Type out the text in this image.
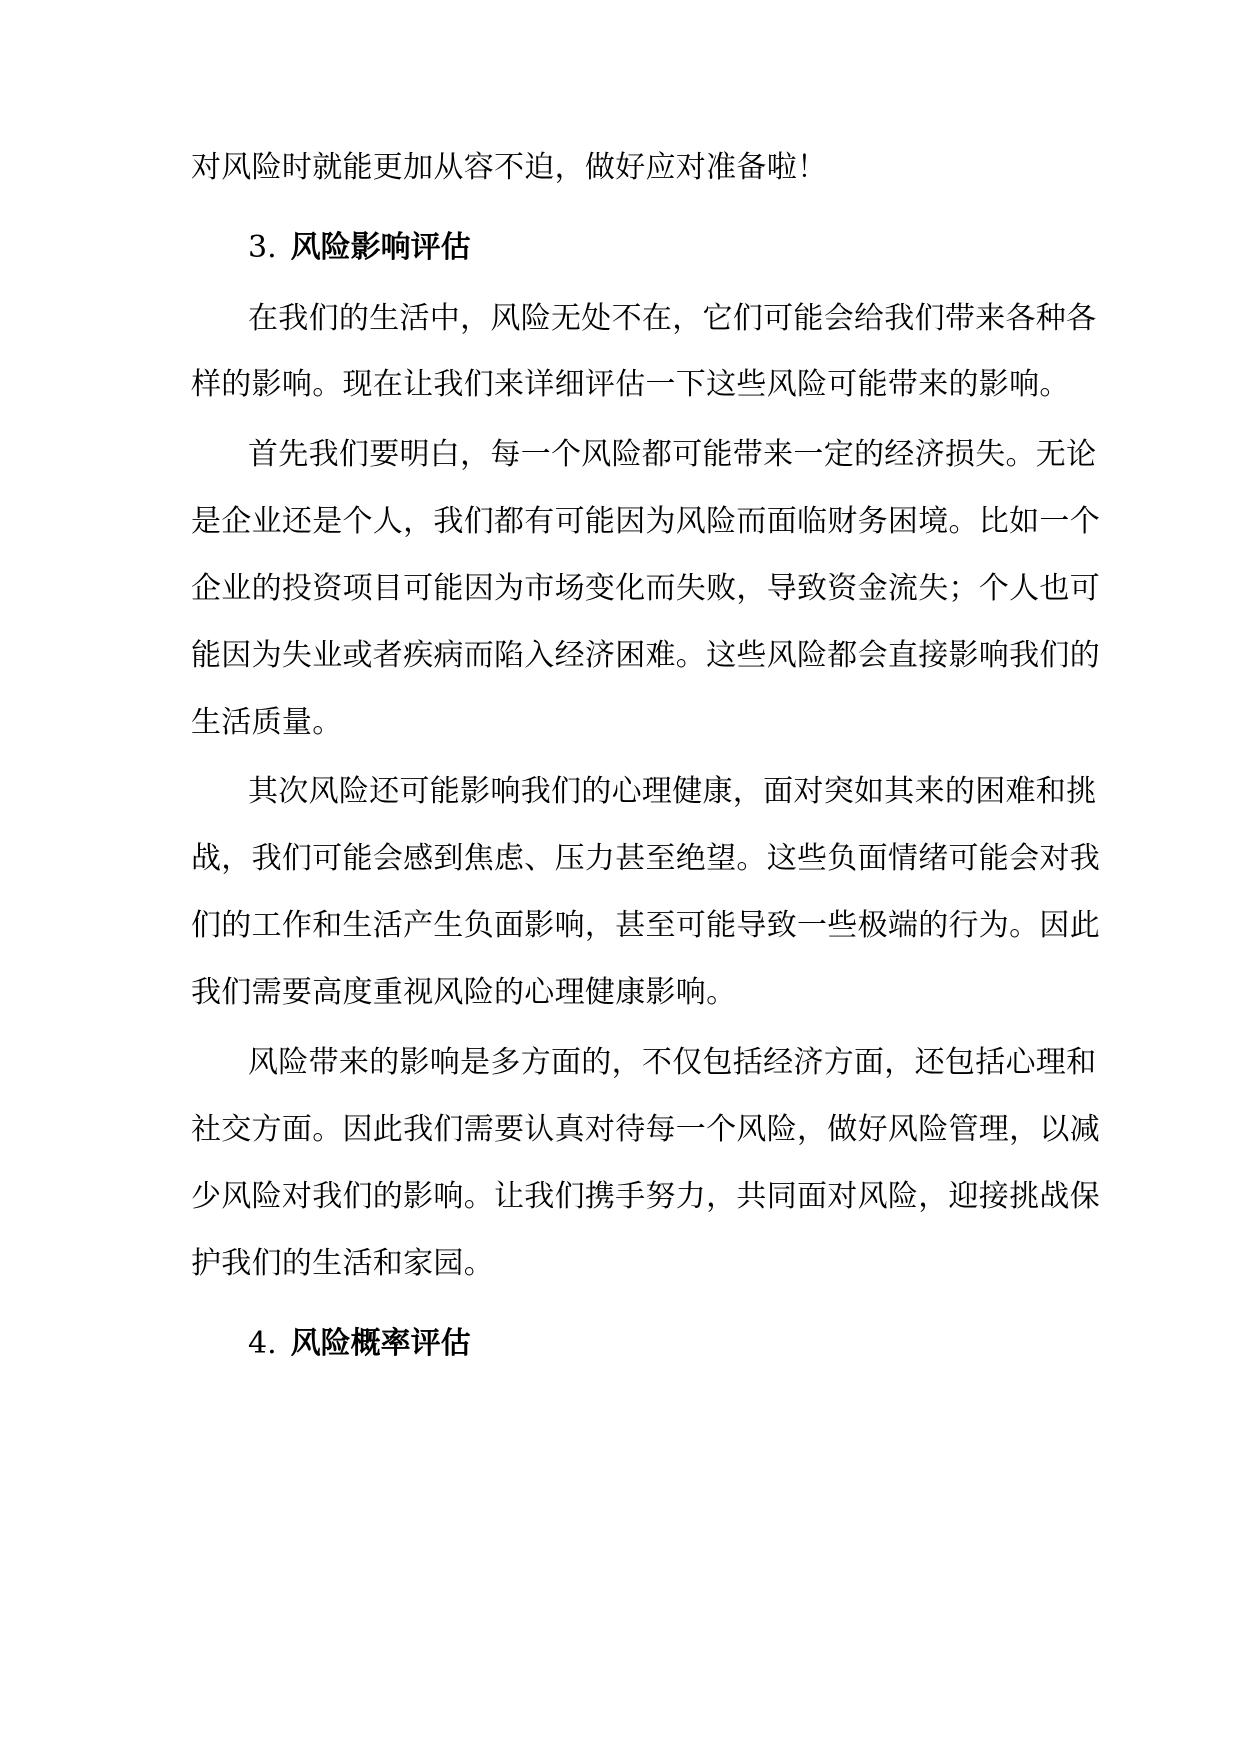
对风险时就能更加从容不迫，做好应对准备啦！
3. 风险影响评估
在我们的生活中，风险无处不在，它们可能会给我们带来各种各
样的影响。现在让我们来详细评估一下这些风险可能带来的影响。
首先我们要明白，每一个风险都可能带来一定的经济损失。无论
是企业还是个人，我们都有可能因为风险而面临财务困境。比如一个
企业的投资项目可能因为市场变化而失败，导致资金流失；个人也可
能因为失业或者疾病而陷入经济困难。这些风险都会直接影响我们的
生活质量。
其次风险还可能影响我们的心理健康，面对突如其来的困难和挑
战，我们可能会感到焦虑、压力甚至绝望。这些负面情绪可能会对我
们的工作和生活产生负面影响，甚至可能导致一些极端的行为。因此
我们需要高度重视风险的心理健康影响。
风险带来的影响是多方面的，不仅包括经济方面，还包括心理和
社交方面。因此我们需要认真对待每一个风险，做好风险管理，以减
少风险对我们的影响。让我们携手努力，共同面对风险，迎接挑战保
护我们的生活和家园。
4. 风险概率评估
